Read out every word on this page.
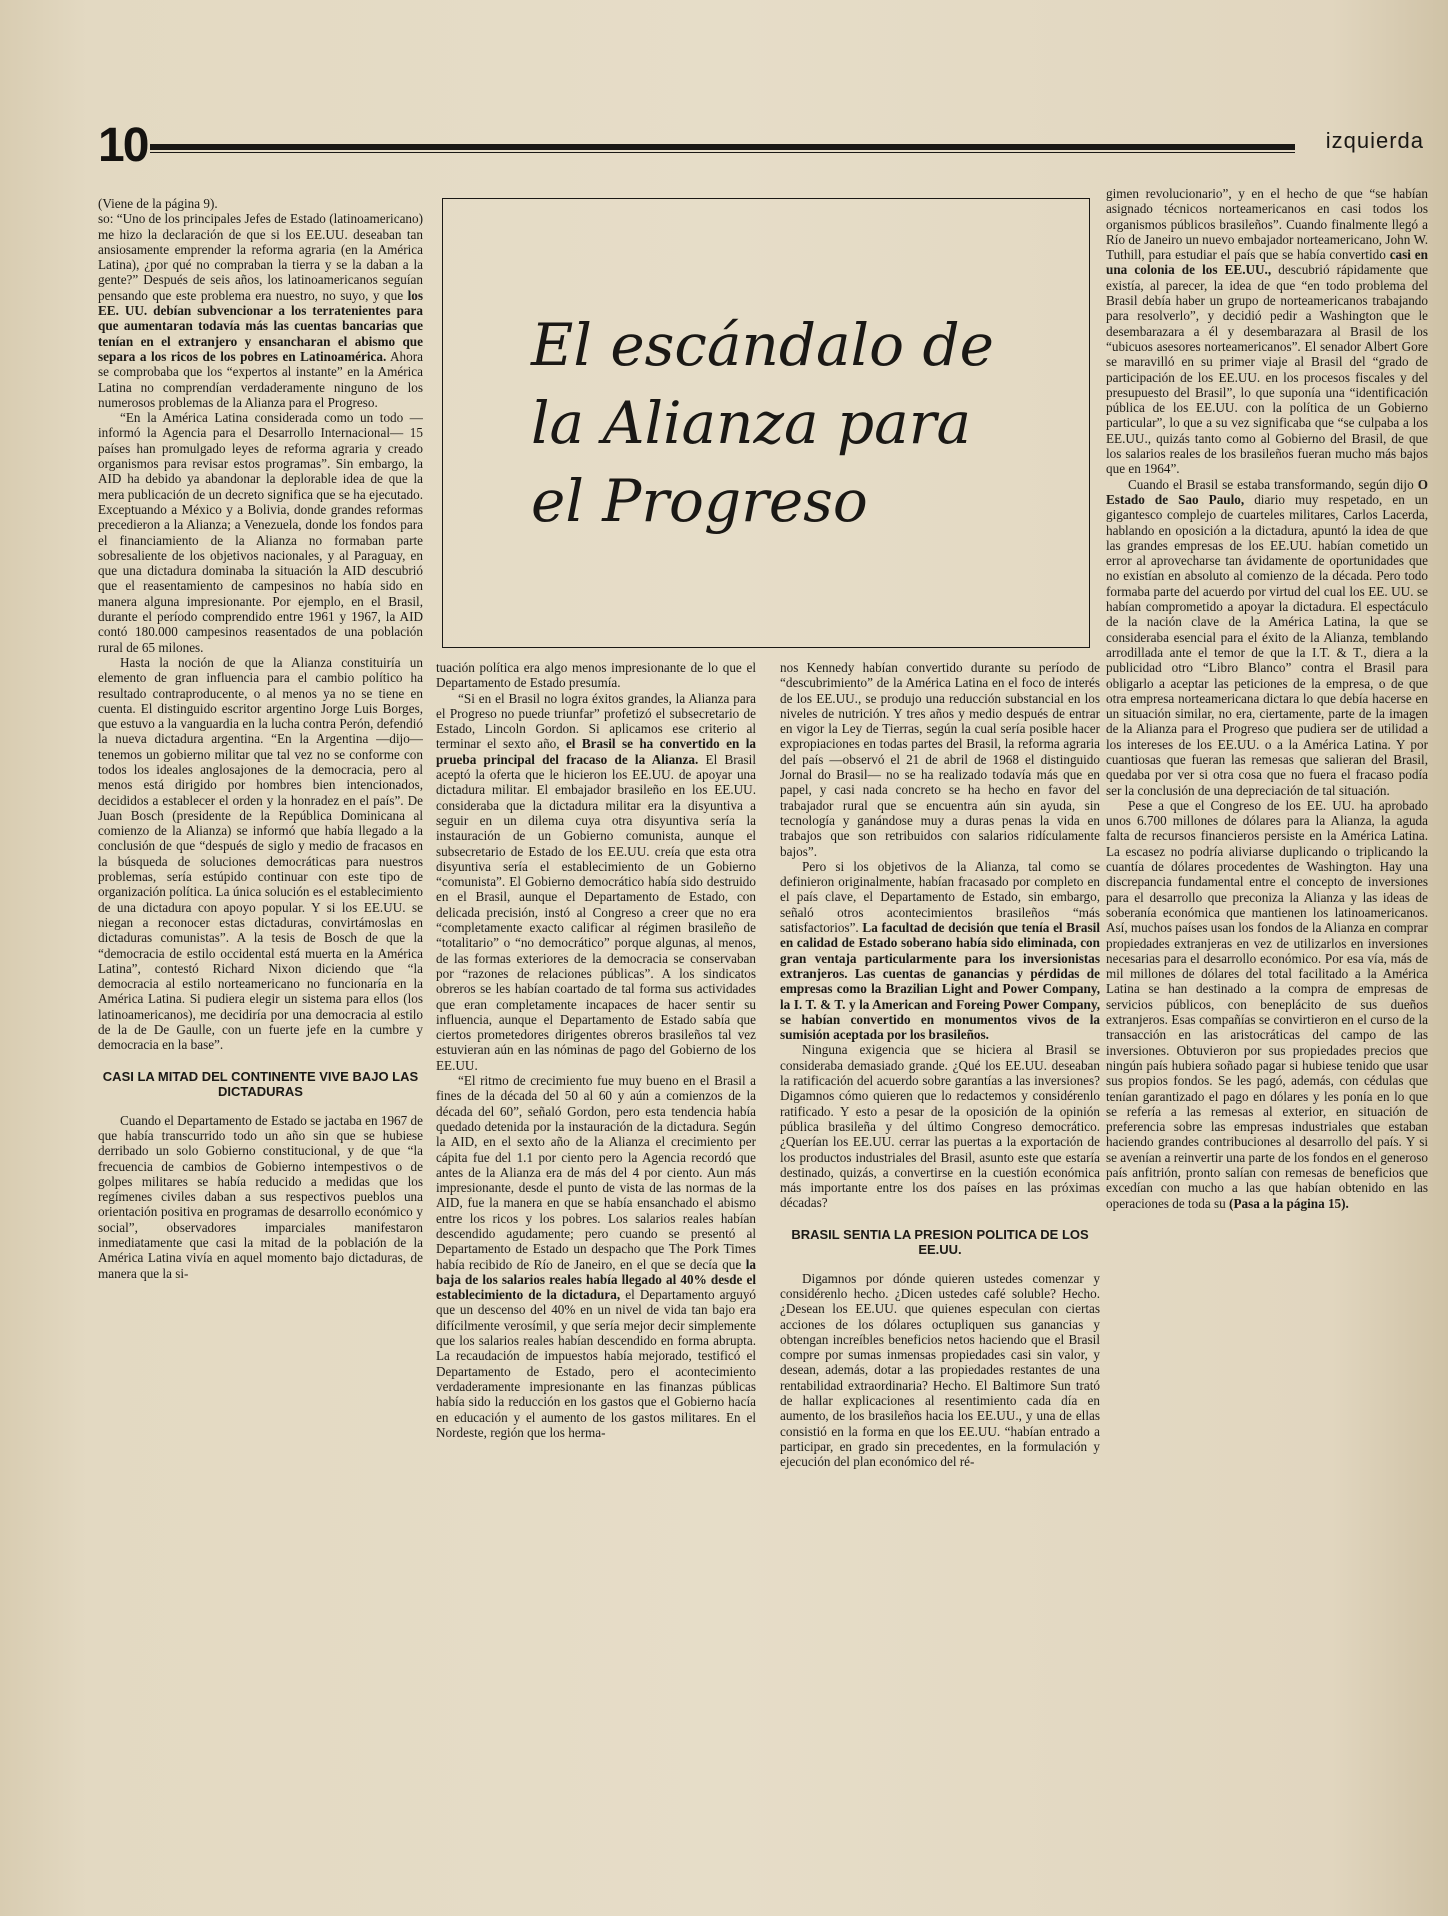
10	izquierda
El escándalo de la Alianza para el Progreso

(Viene de la página 9).

so: “Uno de los principales Jefes de Estado (latinoamericano) me hizo la declaración de que si los EE.UU. deseaban tan ansiosamente emprender la reforma agraria (en la América Latina), ¿por qué no compraban la tierra y se la daban a la gente?” Después de seis años, los latinoamericanos seguían pensando que este problema era nuestro, no suyo, y que los EE. UU. debían subvencionar a los terratenientes para que aumentaran todavía más las cuentas bancarias que tenían en el extranjero y ensancharan el abismo que separa a los ricos de los pobres en Latinoamérica. Ahora se comprobaba que los “expertos al instante” en la América Latina no comprendían verdaderamente ninguno de los numerosos problemas de la Alianza para el Progreso.

“En la América Latina considerada como un todo —informó la Agencia para el Desarrollo Internacional— 15 países han promulgado leyes de reforma agraria y creado organismos para revisar estos programas”. Sin embargo, la AID ha debido ya abandonar la deplorable idea de que la mera publicación de un decreto significa que se ha ejecutado. Exceptuando a México y a Bolivia, donde grandes reformas precedieron a la Alianza; a Venezuela, donde los fondos para el financiamiento de la Alianza no formaban parte sobresaliente de los objetivos nacionales, y al Paraguay, en que una dictadura dominaba la situación la AID descubrió que el reasentamiento de campesinos no había sido en manera alguna impresionante. Por ejemplo, en el Brasil, durante el período comprendido entre 1961 y 1967, la AID contó 180.000 campesinos reasentados de una población rural de 65 milones.

Hasta la noción de que la Alianza constituiría un elemento de gran influencia para el cambio político ha resultado contraproducente, o al menos ya no se tiene en cuenta. El distinguido escritor argentino Jorge Luis Borges, que estuvo a la vanguardia en la lucha contra Perón, defendió la nueva dictadura argentina. “En la Argentina —dijo— tenemos un gobierno militar que tal vez no se conforme con todos los ideales anglosajones de la democracia, pero al menos está dirigido por hombres bien intencionados, decididos a establecer el orden y la honradez en el país”. De Juan Bosch (presidente de la República Dominicana al comienzo de la Alianza) se informó que había llegado a la conclusión de que “después de siglo y medio de fracasos en la búsqueda de soluciones democráticas para nuestros problemas, sería estúpido continuar con este tipo de organización política. La única solución es el establecimiento de una dictadura con apoyo popular. Y si los EE.UU. se niegan a reconocer estas dictaduras, convirtámoslas en dictaduras comunistas”. A la tesis de Bosch de que la “democracia de estilo occidental está muerta en la América Latina”, contestó Richard Nixon diciendo que “la democracia al estilo norteamericano no funcionaría en la América Latina. Si pudiera elegir un sistema para ellos (los latinoamericanos), me decidiría por una democracia al estilo de la de De Gaulle, con un fuerte jefe en la cumbre y democracia en la base”.

CASI LA MITAD DEL CONTINENTE VIVE BAJO LAS DICTADURAS

Cuando el Departamento de Estado se jactaba en 1967 de que había transcurrido todo un año sin que se hubiese derribado un solo Gobierno constitucional, y de que “la frecuencia de cambios de Gobierno intempestivos o de golpes militares se había reducido a medidas que los regímenes civiles daban a sus respectivos pueblos una orientación positiva en programas de desarrollo económico y social”, observadores imparciales manifestaron inmediatamente que casi la mitad de la población de la América Latina vivía en aquel momento bajo dictaduras, de manera que la si-

tuación política era algo menos impresionante de lo que el Departamento de Estado presumía.

“Si en el Brasil no logra éxitos grandes, la Alianza para el Progreso no puede triunfar” profetizó el subsecretario de Estado, Lincoln Gordon. Si aplicamos ese criterio al terminar el sexto año, el Brasil se ha convertido en la prueba principal del fracaso de la Alianza. El Brasil aceptó la oferta que le hicieron los EE.UU. de apoyar una dictadura militar. El embajador brasileño en los EE.UU. consideraba que la dictadura militar era la disyuntiva a seguir en un dilema cuya otra disyuntiva sería la instauración de un Gobierno comunista, aunque el subsecretario de Estado de los EE.UU. creía que esta otra disyuntiva sería el establecimiento de un Gobierno “comunista”. El Gobierno democrático había sido destruido en el Brasil, aunque el Departamento de Estado, con delicada precisión, instó al Congreso a creer que no era “completamente exacto calificar al régimen brasileño de “totalitario” o “no democrático” porque algunas, al menos, de las formas exteriores de la democracia se conservaban por “razones de relaciones públicas”. A los sindicatos obreros se les habían coartado de tal forma sus actividades que eran completamente incapaces de hacer sentir su influencia, aunque el Departamento de Estado sabía que ciertos prometedores dirigentes obreros brasileños tal vez estuvieran aún en las nóminas de pago del Gobierno de los EE.UU.

“El ritmo de crecimiento fue muy bueno en el Brasil a fines de la década del 50 al 60 y aún a comienzos de la década del 60”, señaló Gordon, pero esta tendencia había quedado detenida por la instauración de la dictadura. Según la AID, en el sexto año de la Alianza el crecimiento per cápita fue del 1.1 por ciento pero la Agencia recordó que antes de la Alianza era de más del 4 por ciento. Aun más impresionante, desde el punto de vista de las normas de la AID, fue la manera en que se había ensanchado el abismo entre los ricos y los pobres. Los salarios reales habían descendido agudamente; pero cuando se presentó al Departamento de Estado un despacho que The Pork Times había recibido de Río de Janeiro, en el que se decía que la baja de los salarios reales había llegado al 40% desde el establecimiento de la dictadura, el Departamento arguyó que un descenso del 40% en un nivel de vida tan bajo era difícilmente verosímil, y que sería mejor decir simplemente que los salarios reales habían descendido en forma abrupta. La recaudación de impuestos había mejorado, testificó el Departamento de Estado, pero el acontecimiento verdaderamente impresionante en las finanzas públicas había sido la reducción en los gastos que el Gobierno hacía en educación y el aumento de los gastos militares. En el Nordeste, región que los herma-

nos Kennedy habían convertido durante su período de “descubrimiento” de la América Latina en el foco de interés de los EE.UU., se produjo una reducción substancial en los niveles de nutrición. Y tres años y medio después de entrar en vigor la Ley de Tierras, según la cual sería posible hacer expropiaciones en todas partes del Brasil, la reforma agraria del país —observó el 21 de abril de 1968 el distinguido Jornal do Brasil— no se ha realizado todavía más que en papel, y casi nada concreto se ha hecho en favor del trabajador rural que se encuentra aún sin ayuda, sin tecnología y ganándose muy a duras penas la vida en trabajos que son retribuidos con salarios ridículamente bajos”.

Pero si los objetivos de la Alianza, tal como se definieron originalmente, habían fracasado por completo en el país clave, el Departamento de Estado, sin embargo, señaló otros acontecimientos brasileños “más satisfactorios”. La facultad de decisión que tenía el Brasil en calidad de Estado soberano había sido eliminada, con gran ventaja particularmente para los inversionistas extranjeros. Las cuentas de ganancias y pérdidas de empresas como la Brazilian Light and Power Company, la I. T. & T. y la American and Foreing Power Company, se habían convertido en monumentos vivos de la sumisión aceptada por los brasileños.

Ninguna exigencia que se hiciera al Brasil se consideraba demasiado grande. ¿Qué los EE.UU. deseaban la ratificación del acuerdo sobre garantías a las inversiones? Digamnos cómo quieren que lo redactemos y considérenlo ratificado. Y esto a pesar de la oposición de la opinión pública brasileña y del último Congreso democrático. ¿Querían los EE.UU. cerrar las puertas a la exportación de los productos industriales del Brasil, asunto este que estaría destinado, quizás, a convertirse en la cuestión económica más importante entre los dos países en las próximas décadas?

BRASIL SENTIA LA PRESION POLITICA DE LOS EE.UU.

Digamnos por dónde quieren ustedes comenzar y considérenlo hecho. ¿Dicen ustedes café soluble? Hecho. ¿Desean los EE.UU. que quienes especulan con ciertas acciones de los dólares octupliquen sus ganancias y obtengan increíbles beneficios netos haciendo que el Brasil compre por sumas inmensas propiedades casi sin valor, y desean, además, dotar a las propiedades restantes de una rentabilidad extraordinaria? Hecho. El Baltimore Sun trató de hallar explicaciones al resentimiento cada día en aumento, de los brasileños hacia los EE.UU., y una de ellas consistió en la forma en que los EE.UU. “habían entrado a participar, en grado sin precedentes, en la formulación y ejecución del plan económico del ré-

gimen revolucionario”, y en el hecho de que “se habían asignado técnicos norteamericanos en casi todos los organismos públicos brasileños”. Cuando finalmente llegó a Río de Janeiro un nuevo embajador norteamericano, John W. Tuthill, para estudiar el país que se había convertido casi en una colonia de los EE.UU., descubrió rápidamente que existía, al parecer, la idea de que “en todo problema del Brasil debía haber un grupo de norteamericanos trabajando para resolverlo”, y decidió pedir a Washington que le desembarazara a él y desembarazara al Brasil de los “ubicuos asesores norteamericanos”. El senador Albert Gore se maravilló en su primer viaje al Brasil del “grado de participación de los EE.UU. en los procesos fiscales y del presupuesto del Brasil”, lo que suponía una “identificación pública de los EE.UU. con la política de un Gobierno particular”, lo que a su vez significaba que “se culpaba a los EE.UU., quizás tanto como al Gobierno del Brasil, de que los salarios reales de los brasileños fueran mucho más bajos que en 1964”.

Cuando el Brasil se estaba transformando, según dijo O Estado de Sao Paulo, diario muy respetado, en un gigantesco complejo de cuarteles militares, Carlos Lacerda, hablando en oposición a la dictadura, apuntó la idea de que las grandes empresas de los EE.UU. habían cometido un error al aprovecharse tan ávidamente de oportunidades que no existían en absoluto al comienzo de la década. Pero todo formaba parte del acuerdo por virtud del cual los EE. UU. se habían comprometido a apoyar la dictadura. El espectáculo de la nación clave de la América Latina, la que se consideraba esencial para el éxito de la Alianza, temblando arrodillada ante el temor de que la I.T. & T., diera a la publicidad otro “Libro Blanco” contra el Brasil para obligarlo a aceptar las peticiones de la empresa, o de que otra empresa norteamericana dictara lo que debía hacerse en un situación similar, no era, ciertamente, parte de la imagen de la Alianza para el Progreso que pudiera ser de utilidad a los intereses de los EE.UU. o a la América Latina. Y por cuantiosas que fueran las remesas que salieran del Brasil, quedaba por ver si otra cosa que no fuera el fracaso podía ser la conclusión de una depreciación de tal situación.

Pese a que el Congreso de los EE. UU. ha aprobado unos 6.700 millones de dólares para la Alianza, la aguda falta de recursos financieros persiste en la América Latina. La escasez no podría aliviarse duplicando o triplicando la cuantía de dólares procedentes de Washington. Hay una discrepancia fundamental entre el concepto de inversiones para el desarrollo que preconiza la Alianza y las ideas de soberanía económica que mantienen los latinoamericanos. Así, muchos países usan los fondos de la Alianza en comprar propiedades extranjeras en vez de utilizarlos en inversiones necesarias para el desarrollo económico. Por esa vía, más de mil millones de dólares del total facilitado a la América Latina se han destinado a la compra de empresas de servicios públicos, con beneplácito de sus dueños extranjeros. Esas compañías se convirtieron en el curso de la transacción en las aristocráticas del campo de las inversiones. Obtuvieron por sus propiedades precios que ningún país hubiera soñado pagar si hubiese tenido que usar sus propios fondos. Se les pagó, además, con cédulas que tenían garantizado el pago en dólares y les ponía en lo que se refería a las remesas al exterior, en situación de preferencia sobre las empresas industriales que estaban haciendo grandes contribuciones al desarrollo del país. Y si se avenían a reinvertir una parte de los fondos en el generoso país anfitrión, pronto salían con remesas de beneficios que excedían con mucho a las que habían obtenido en las operaciones de toda su (Pasa a la página 15).
